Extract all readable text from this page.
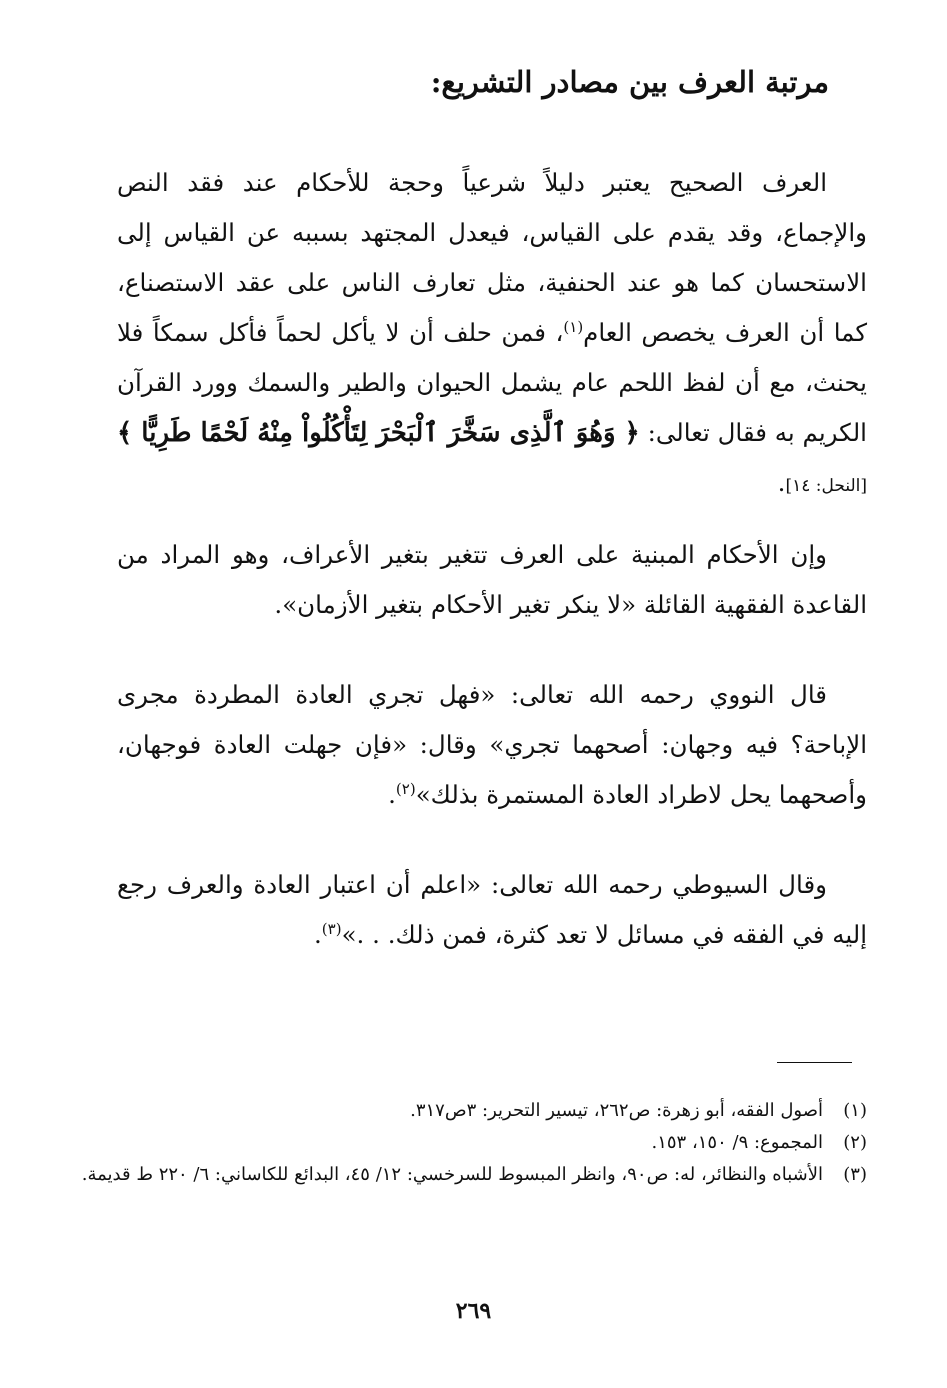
مرتبة العرف بين مصادر التشريع:

العرف الصحيح يعتبر دليلاً شرعياً وحجة للأحكام عند فقد النص والإجماع، وقد يقدم على القياس، فيعدل المجتهد بسببه عن القياس إلى الاستحسان كما هو عند الحنفية، مثل تعارف الناس على عقد الاستصناع، كما أن العرف يخصص العام$^{(١)}$، فمن حلف أن لا يأكل لحماً فأكل سمكاً فلا يحنث، مع أن لفظ اللحم عام يشمل الحيوان والطير والسمك وورد القرآن الكريم به فقال تعالى: ﴿ وَهُوَ ٱلَّذِى سَخَّرَ ٱلْبَحْرَ لِتَأْكُلُواْ مِنْهُ لَحْمًا طَرِيًّا ﴾ [النحل: ١٤].

وإن الأحكام المبنية على العرف تتغير بتغير الأعراف، وهو المراد من القاعدة الفقهية القائلة «لا ينكر تغير الأحكام بتغير الأزمان».

قال النووي رحمه الله تعالى: «فهل تجري العادة المطردة مجرى الإباحة؟ فيه وجهان: أصحهما تجري» وقال: «فإن جهلت العادة فوجهان، وأصحهما يحل لاطراد العادة المستمرة بذلك»$^{(٢)}$.

وقال السيوطي رحمه الله تعالى: «اعلم أن اعتبار العادة والعرف رجع إليه في الفقه في مسائل لا تعد كثرة، فمن ذلك. . .»$^{(٣)}$.

(١)
أصول الفقه، أبو زهرة: ص٢٦٢، تيسير التحرير: ٣ص٣١٧.
(٢)
المجموع: ٩/ ١٥٠، ١٥٣.
(٣)
الأشباه والنظائر، له: ص٩٠، وانظر المبسوط للسرخسي: ١٢/ ٤٥، البدائع للكاساني: ٦/ ٢٢٠ ط قديمة.
٢٦٩
